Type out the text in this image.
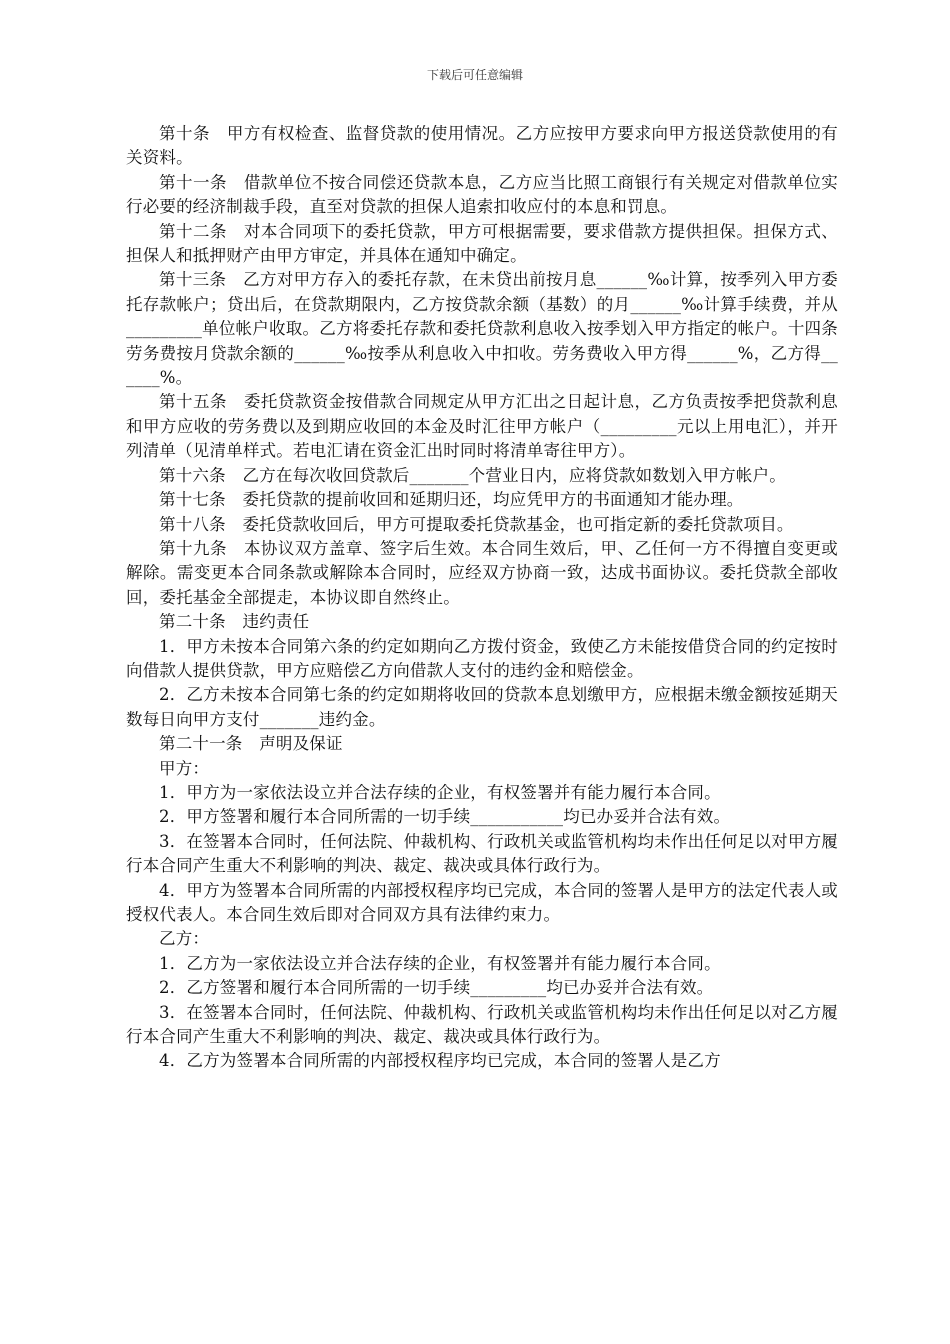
下载后可任意编辑

第十条　甲方有权检查、监督贷款的使用情况。乙方应按甲方要求向甲方报送贷款使用的有关资料。

第十一条　借款单位不按合同偿还贷款本息，乙方应当比照工商银行有关规定对借款单位实行必要的经济制裁手段，直至对贷款的担保人追索扣收应付的本息和罚息。

第十二条　对本合同项下的委托贷款，甲方可根据需要，要求借款方提供担保。担保方式、担保人和抵押财产由甲方审定，并具体在通知中确定。

第十三条　乙方对甲方存入的委托存款，在未贷出前按月息______‰计算，按季列入甲方委托存款帐户；贷出后，在贷款期限内，乙方按贷款余额（基数）的月______‰计算手续费，并从_________单位帐户收取。乙方将委托存款和委托贷款利息收入按季划入甲方指定的帐户。十四条　劳务费按月贷款余额的______‰按季从利息收入中扣收。劳务费收入甲方得______%，乙方得______%。

第十五条　委托贷款资金按借款合同规定从甲方汇出之日起计息，乙方负责按季把贷款利息和甲方应收的劳务费以及到期应收回的本金及时汇往甲方帐户（_________元以上用电汇），并开列清单（见清单样式。若电汇请在资金汇出时同时将清单寄往甲方）。

第十六条　乙方在每次收回贷款后_______个营业日内，应将贷款如数划入甲方帐户。

第十七条　委托贷款的提前收回和延期归还，均应凭甲方的书面通知才能办理。

第十八条　委托贷款收回后，甲方可提取委托贷款基金，也可指定新的委托贷款项目。

第十九条　本协议双方盖章、签字后生效。本合同生效后，甲、乙任何一方不得擅自变更或解除。需变更本合同条款或解除本合同时，应经双方协商一致，达成书面协议。委托贷款全部收回，委托基金全部提走，本协议即自然终止。

第二十条　违约责任

1．甲方未按本合同第六条的约定如期向乙方拨付资金，致使乙方未能按借贷合同的约定按时向借款人提供贷款，甲方应赔偿乙方向借款人支付的违约金和赔偿金。

2．乙方未按本合同第七条的约定如期将收回的贷款本息划缴甲方，应根据未缴金额按延期天数每日向甲方支付_______违约金。

第二十一条　声明及保证

甲方：

1．甲方为一家依法设立并合法存续的企业，有权签署并有能力履行本合同。

2．甲方签署和履行本合同所需的一切手续___________均已办妥并合法有效。

3．在签署本合同时，任何法院、仲裁机构、行政机关或监管机构均未作出任何足以对甲方履行本合同产生重大不利影响的判决、裁定、裁决或具体行政行为。

4．甲方为签署本合同所需的内部授权程序均已完成，本合同的签署人是甲方的法定代表人或授权代表人。本合同生效后即对合同双方具有法律约束力。

乙方：

1．乙方为一家依法设立并合法存续的企业，有权签署并有能力履行本合同。

2．乙方签署和履行本合同所需的一切手续_________均已办妥并合法有效。

3．在签署本合同时，任何法院、仲裁机构、行政机关或监管机构均未作出任何足以对乙方履行本合同产生重大不利影响的判决、裁定、裁决或具体行政行为。

4．乙方为签署本合同所需的内部授权程序均已完成，本合同的签署人是乙方
